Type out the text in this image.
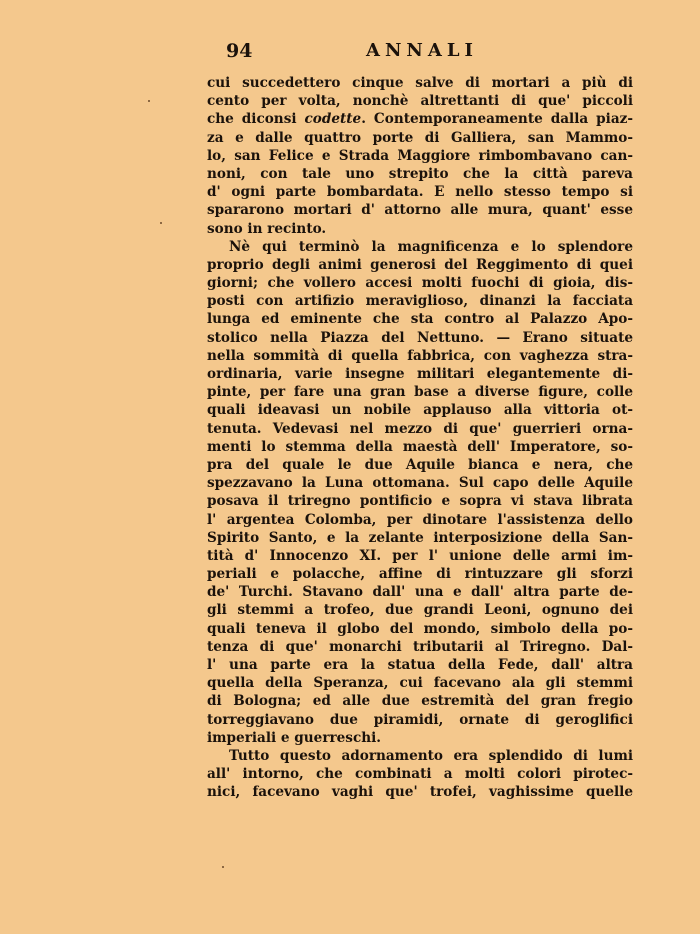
94	ANNALI
cui succedettero cinque salve di mortari a più di
cento per volta, nonchè altrettanti di que' piccoli
che diconsi codette. Contemporaneamente dalla piaz-
za e dalle quattro porte di Galliera, san Mammo-
lo, san Felice e Strada Maggiore rimbombavano can-
noni, con tale uno strepito che la città pareva
d' ogni parte bombardata. E nello stesso tempo si
spararono mortari d' attorno alle mura, quant' esse
sono in recinto.
Nè qui terminò la magnificenza e lo splendore
proprio degli animi generosi del Reggimento di quei
giorni; che vollero accesi molti fuochi di gioia, dis-
posti con artifizio meraviglioso, dinanzi la facciata
lunga ed eminente che sta contro al Palazzo Apo-
stolico nella Piazza del Nettuno. — Erano situate
nella sommità di quella fabbrica, con vaghezza stra-
ordinaria, varie insegne militari elegantemente di-
pinte, per fare una gran base a diverse figure, colle
quali ideavasi un nobile applauso alla vittoria ot-
tenuta. Vedevasi nel mezzo di que' guerrieri orna-
menti lo stemma della maestà dell' Imperatore, so-
pra del quale le due Aquile bianca e nera, che
spezzavano la Luna ottomana. Sul capo delle Aquile
posava il triregno pontificio e sopra vi stava librata
l' argentea Colomba, per dinotare l'assistenza dello
Spirito Santo, e la zelante interposizione della San-
tità d' Innocenzo XI. per l' unione delle armi im-
periali e polacche, affine di rintuzzare gli sforzi
de' Turchi. Stavano dall' una e dall' altra parte de-
gli stemmi a trofeo, due grandi Leoni, ognuno dei
quali teneva il globo del mondo, simbolo della po-
tenza di que' monarchi tributarii al Triregno. Dal-
l' una parte era la statua della Fede, dall' altra
quella della Speranza, cui facevano ala gli stemmi
di Bologna; ed alle due estremità del gran fregio
torreggiavano due piramidi, ornate di geroglifici
imperiali e guerreschi.
Tutto questo adornamento era splendido di lumi
all' intorno, che combinati a molti colori pirotec-
nici, facevano vaghi que' trofei, vaghissime quelle
